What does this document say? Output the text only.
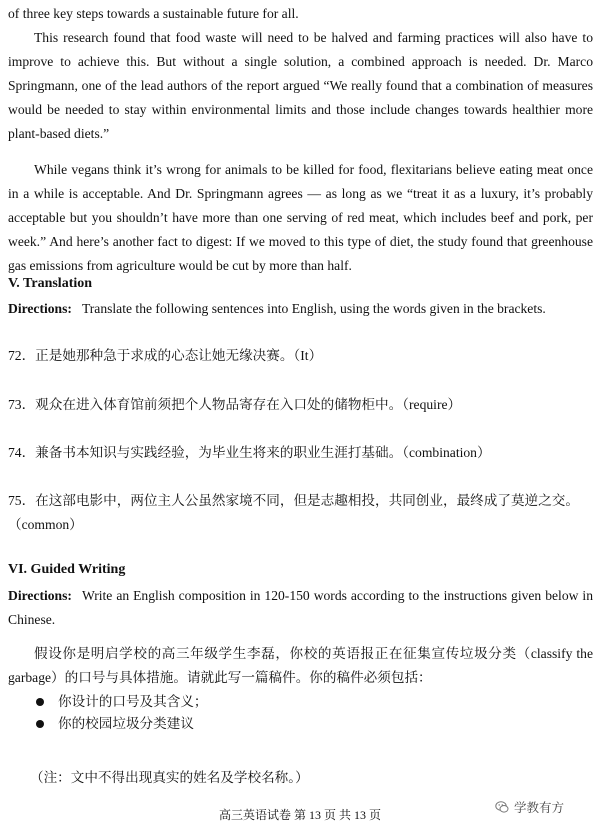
of three key steps towards a sustainable future for all.

This research found that food waste will need to be halved and farming practices will also have to improve to achieve this. But without a single solution, a combined approach is needed. Dr. Marco Springmann, one of the lead authors of the report argued “We really found that a combination of measures would be needed to stay within environmental limits and those include changes towards healthier more plant-based diets.”

While vegans think it’s wrong for animals to be killed for food, flexitarians believe eating meat once in a while is acceptable. And Dr. Springmann agrees — as long as we “treat it as a luxury, it’s probably acceptable but you shouldn’t have more than one serving of red meat, which includes beef and pork, per week.” And here’s another fact to digest: If we moved to this type of diet, the study found that greenhouse gas emissions from agriculture would be cut by more than half.

V. Translation

Directions: Translate the following sentences into English, using the words given in the brackets.

72．正是她那种急于求成的心态让她无缘决赛。（It）

73．观众在进入体育馆前须把个人物品寄存在入口处的储物柜中。（require）

74．兼备书本知识与实践经验，为毕业生将来的职业生涯打基础。（combination）

75．在这部电影中，两位主人公虽然家境不同，但是志趣相投，共同创业，最终成了莫逆之交。（common）

VI. Guided Writing

Directions: Write an English composition in 120-150 words according to the instructions given below in Chinese.

假设你是明启学校的高三年级学生李磊，你校的英语报正在征集宣传垃圾分类（classify the garbage）的口号与具体措施。请就此写一篇稿件。你的稿件必须包括：

你设计的口号及其含义；
你的校园垃圾分类建议

（注：文中不得出现真实的姓名及学校名称。）

高三英语试卷 第 13 页 共 13 页	学教有方
